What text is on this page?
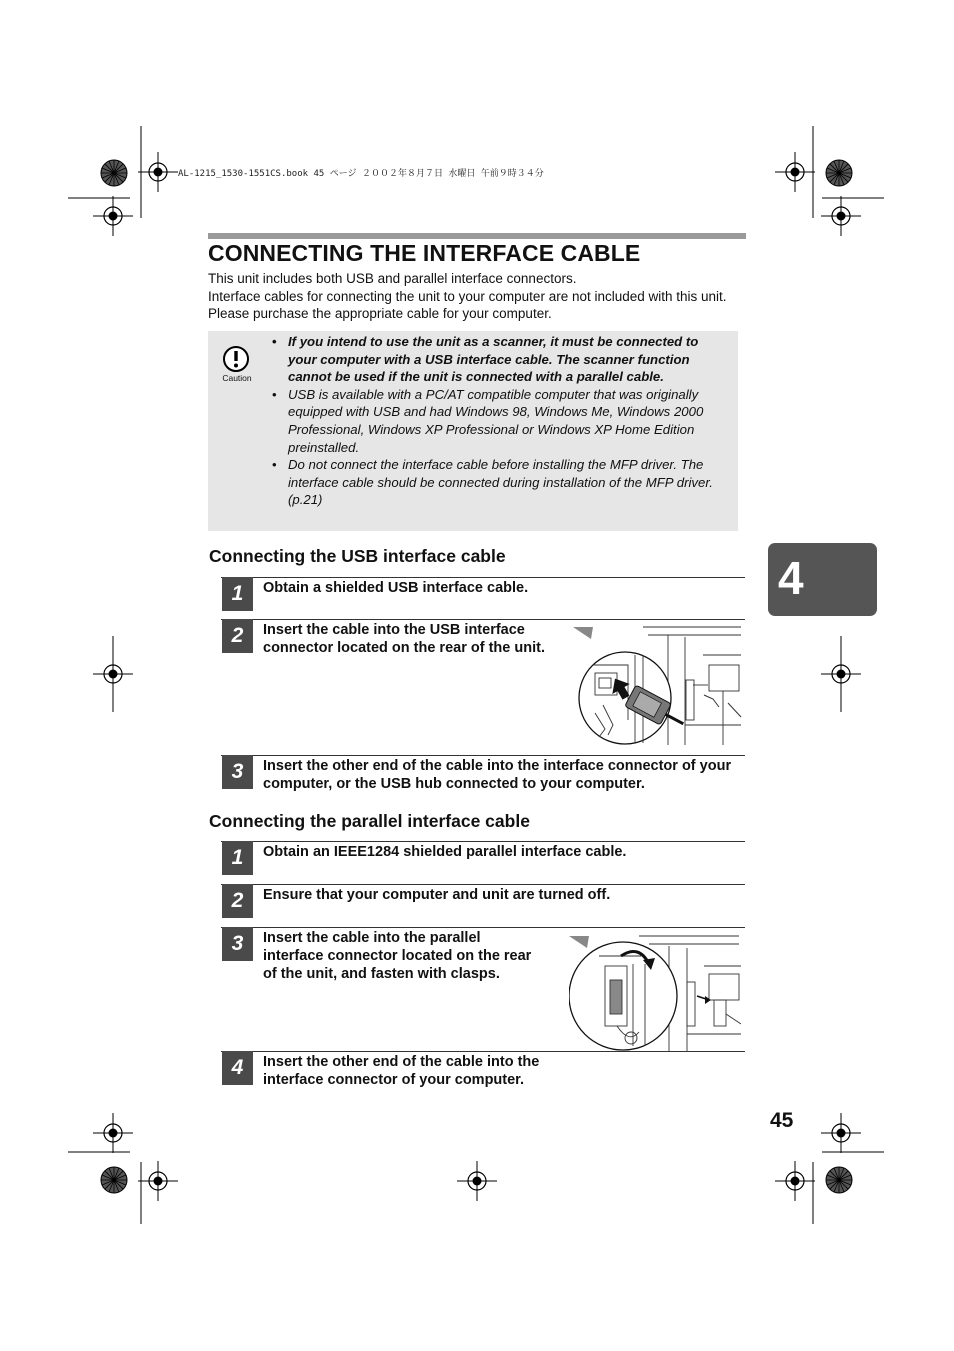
AL-1215_1530-1551CS.book 45 ページ ２００２年８月７日 水曜日 午前９時３４分
CONNECTING THE INTERFACE CABLE

This unit includes both USB and parallel interface connectors.

Interface cables for connecting the unit to your computer are not included with this unit. Please purchase the appropriate cable for your computer.

Caution
• If you intend to use the unit as a scanner, it must be connected to your computer with a USB interface cable. The scanner function cannot be used if the unit is connected with a parallel cable.
• USB is available with a PC/AT compatible computer that was originally equipped with USB and had Windows 98, Windows Me, Windows 2000 Professional, Windows XP Professional or Windows XP Home Edition preinstalled.
• Do not connect the interface cable before installing the MFP driver. The interface cable should be connected during installation of the MFP driver. (p.21)
Connecting the USB interface cable
1	Obtain a shielded USB interface cable.
2	Insert the cable into the USB interface connector located on the rear of the unit.
3	Insert the other end of the cable into the interface connector of your computer, or the USB hub connected to your computer.
Connecting the parallel interface cable
1	Obtain an IEEE1284 shielded parallel interface cable.
2	Ensure that your computer and unit are turned off.
3	Insert the cable into the parallel interface connector located on the rear of the unit, and fasten with clasps.
4	Insert the other end of the cable into the interface connector of your computer.
4
45
